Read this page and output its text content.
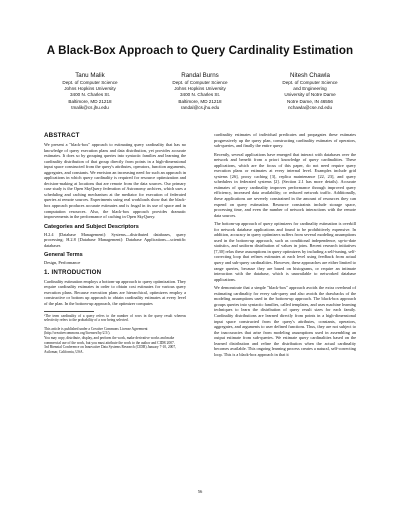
A Black-Box Approach to Query Cardinality Estimation
Tanu Malik
Dept. of Computer Science
Johns Hopkins University
3400 N. Charles St.
Baltimore, MD 21218
tmalik@cs.jhu.edu
Randal Burns
Dept. of Computer Science
Johns Hopkins University
3400 N. Charles St.
Baltimore, MD 21218
randal@cs.jhu.edu
Nitesh Chawla
Dept. of Computer Science
and Engineering
University of Notre Dame
Notre Dame, IN 46556
nchawla@cse.nd.edu
ABSTRACT

We present a "black-box" approach to estimating query cardinality that has no knowledge of query execution plans and data distribution, yet provides accurate estimates. It does so by grouping queries into syntactic families and learning the cardinality distribution of that group directly from points in a high-dimensional input space constructed from the query's attributes, operators, function arguments, aggregates, and constants. We envision an increasing need for such an approach in applications in which query cardinality is required for resource optimization and decision-making at locations that are remote from the data sources. Our primary case study is the Open SkyQuery federation of Astronomy archives, which uses a scheduling and caching mechanism at the mediator for execution of federated queries at remote sources. Experiments using real workloads show that the black-box approach produces accurate estimates and is frugal in its use of space and in computation resources. Also, the black-box approach provides dramatic improvements in the performance of caching in Open SkyQuery.

Categories and Subject Descriptors

H.2.4 [Database Management]: Systems—distributed databases, query processing; H.2.8 [Database Management]: Database Applications—scientific databases

General Terms

Design, Performance

1. INTRODUCTION

Cardinality estimation employs a bottom-up approach to query optimization. They require cardinality estimates in order to obtain cost estimates for various query execution plans. Because execution plans are hierarchical, optimizers employ a constructive or bottom up approach to obtain cardinality estimates at every level of the plan. In the bottom-up approach, the optimizer computes

¹The term cardinality of a query refers to the number of rows in the query result whereas selectivity refers to the probability of a row being selected.

This article is published under a Creative Commons License Agreement (http://creativecommons.org/licenses/by/2.5/).

You may copy, distribute, display, and perform the work, make derivative works and make commercial use of the work, but you must attribute the work to the author and CIDR 2007.

3rd Biennial Conference on Innovative Data Systems Research (CIDR) January 7-10, 2007, Asilomar, California, USA.

cardinality estimates of individual predicates and propagates these estimates progressively up the query plan, constructing cardinality estimates of operators, sub-queries, and finally the entire query.

Recently, several applications have emerged that interact with databases over the network and benefit from a priori knowledge of query cardinalities. These applications, which are the focus of this paper, do not need require query execution plans or estimates at every internal level. Examples include grid systems [26], proxy caching [3], replica maintenance [22, 23], and query schedulers in federated systems [2]. (Section 2.1 has more details). Accurate estimates of query cardinality improves performance through improved query efficiency, increased data availability; or reduced network traffic. Additionally, these applications are severely constrained in the amount of resources they can expend on query estimation. Resource constraints include storage space, processing time, and even the number of network interactions with the remote data sources.

The bottom-up approach of query optimizers for cardinality estimation is overkill for network database applications and found to be prohibitively expensive. In addition, accuracy in query optimizers suffers from several modeling assumptions used in the bottom-up approach, such as conditional independence, up-to-date statistics, and uniform distribution of values in joins. Recent research initiatives [7,30] relax these assumptions in query optimizers by including a self-tuning, self-correcting loop that refines estimates at each level using feedback from actual query and sub-query cardinalities. However, these approaches are either limited to range queries, because they are based on histograms, or require an intimate interaction with the database, which is unavailable to networked database applications.

We demonstrate that a simple "black-box" approach avoids the extra overhead of estimating cardinality for every sub-query and also avoids the drawbacks of the modeling assumptions used in the bottom-up approach. The black-box approach groups queries into syntactic families, called templates, and uses machine learning techniques to learn the distribution of query result sizes for each family. Cardinality distributions are learned directly from points in a high-dimensional input space constructed from the query's attributes, constants, operators, aggregates, and arguments to user defined functions. Thus, they are not subject to the inaccuracies that arise from modeling assumptions used in assembling an output estimate from sub-queries. We estimate query cardinalities based on the learned distribution and refine the distribution when the actual cardinality becomes available. This ongoing learning process creates a natural, self-correcting loop. This is a black-box approach in that it

56
